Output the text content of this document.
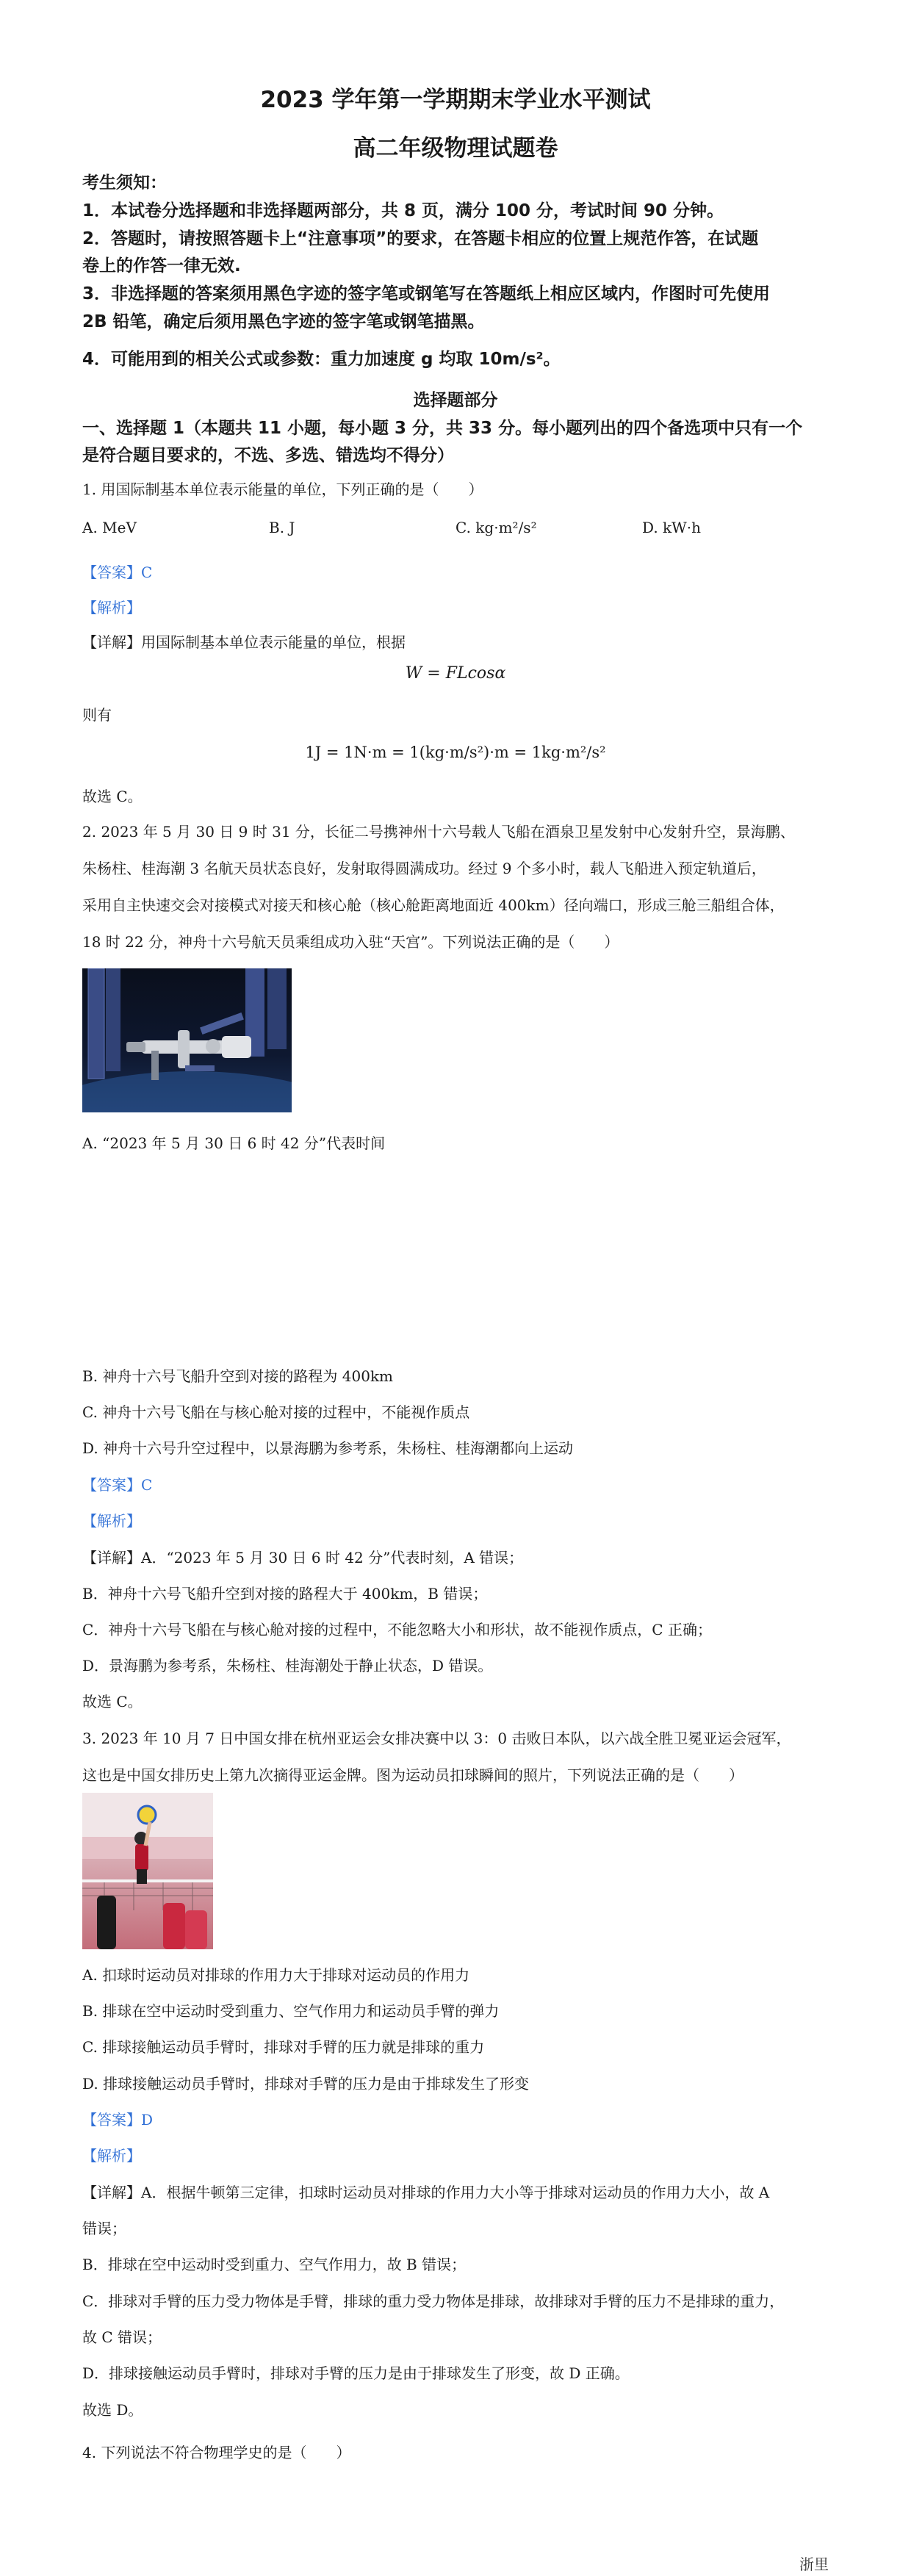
2023 学年第一学期期末学业水平测试
高二年级物理试题卷
考生须知：
1．本试卷分选择题和非选择题两部分，共 8 页，满分 100 分，考试时间 90 分钟。
2．答题时，请按照答题卡上“注意事项”的要求，在答题卡相应的位置上规范作答，在试题
卷上的作答一律无效.
3．非选择题的答案须用黑色字迹的签字笔或钢笔写在答题纸上相应区域内，作图时可先使用
2B 铅笔，确定后须用黑色字迹的签字笔或钢笔描黑。
4．可能用到的相关公式或参数：重力加速度 g 均取 10m/s²。
选择题部分
一、选择题 1（本题共 11 小题，每小题 3 分，共 33 分。每小题列出的四个备选项中只有一个
是符合题目要求的，不选、多选、错选均不得分）
1. 用国际制基本单位表示能量的单位，下列正确的是（　　）
A. MeV	B. J	C. kg·m²/s²	D. kW·h
【答案】C
【解析】
【详解】用国际制基本单位表示能量的单位，根据
W = FLcosα
则有
1J = 1N·m = 1(kg·m/s²)·m = 1kg·m²/s²
故选 C。
2. 2023 年 5 月 30 日 9 时 31 分，长征二号携神州十六号载人飞船在酒泉卫星发射中心发射升空，景海鹏、
朱杨柱、桂海潮 3 名航天员状态良好，发射取得圆满成功。经过 9 个多小时，载人飞船进入预定轨道后，
采用自主快速交会对接模式对接天和核心舱（核心舱距离地面近 400km）径向端口，形成三舱三船组合体，
18 时 22 分，神舟十六号航天员乘组成功入驻“天宫”。下列说法正确的是（　　）
A. “2023 年 5 月 30 日 6 时 42 分”代表时间
B. 神舟十六号飞船升空到对接的路程为 400km
C. 神舟十六号飞船在与核心舱对接的过程中，不能视作质点
D. 神舟十六号升空过程中，以景海鹏为参考系，朱杨柱、桂海潮都向上运动
【答案】C
【解析】
【详解】A．“2023 年 5 月 30 日 6 时 42 分”代表时刻，A 错误；
B．神舟十六号飞船升空到对接的路程大于 400km，B 错误；
C．神舟十六号飞船在与核心舱对接的过程中，不能忽略大小和形状，故不能视作质点，C 正确；
D．景海鹏为参考系，朱杨柱、桂海潮处于静止状态，D 错误。
故选 C。
3. 2023 年 10 月 7 日中国女排在杭州亚运会女排决赛中以 3：0 击败日本队，以六战全胜卫冕亚运会冠军，
这也是中国女排历史上第九次摘得亚运金牌。图为运动员扣球瞬间的照片，下列说法正确的是（　　）
A. 扣球时运动员对排球的作用力大于排球对运动员的作用力
B. 排球在空中运动时受到重力、空气作用力和运动员手臂的弹力
C. 排球接触运动员手臂时，排球对手臂的压力就是排球的重力
D. 排球接触运动员手臂时，排球对手臂的压力是由于排球发生了形变
【答案】D
【解析】
【详解】A．根据牛顿第三定律，扣球时运动员对排球的作用力大小等于排球对运动员的作用力大小，故 A
错误；
B．排球在空中运动时受到重力、空气作用力，故 B 错误；
C．排球对手臂的压力受力物体是手臂，排球的重力受力物体是排球，故排球对手臂的压力不是排球的重力，
故 C 错误；
D．排球接触运动员手臂时，排球对手臂的压力是由于排球发生了形变，故 D 正确。
故选 D。
4. 下列说法不符合物理学史的是（　　）
浙里
